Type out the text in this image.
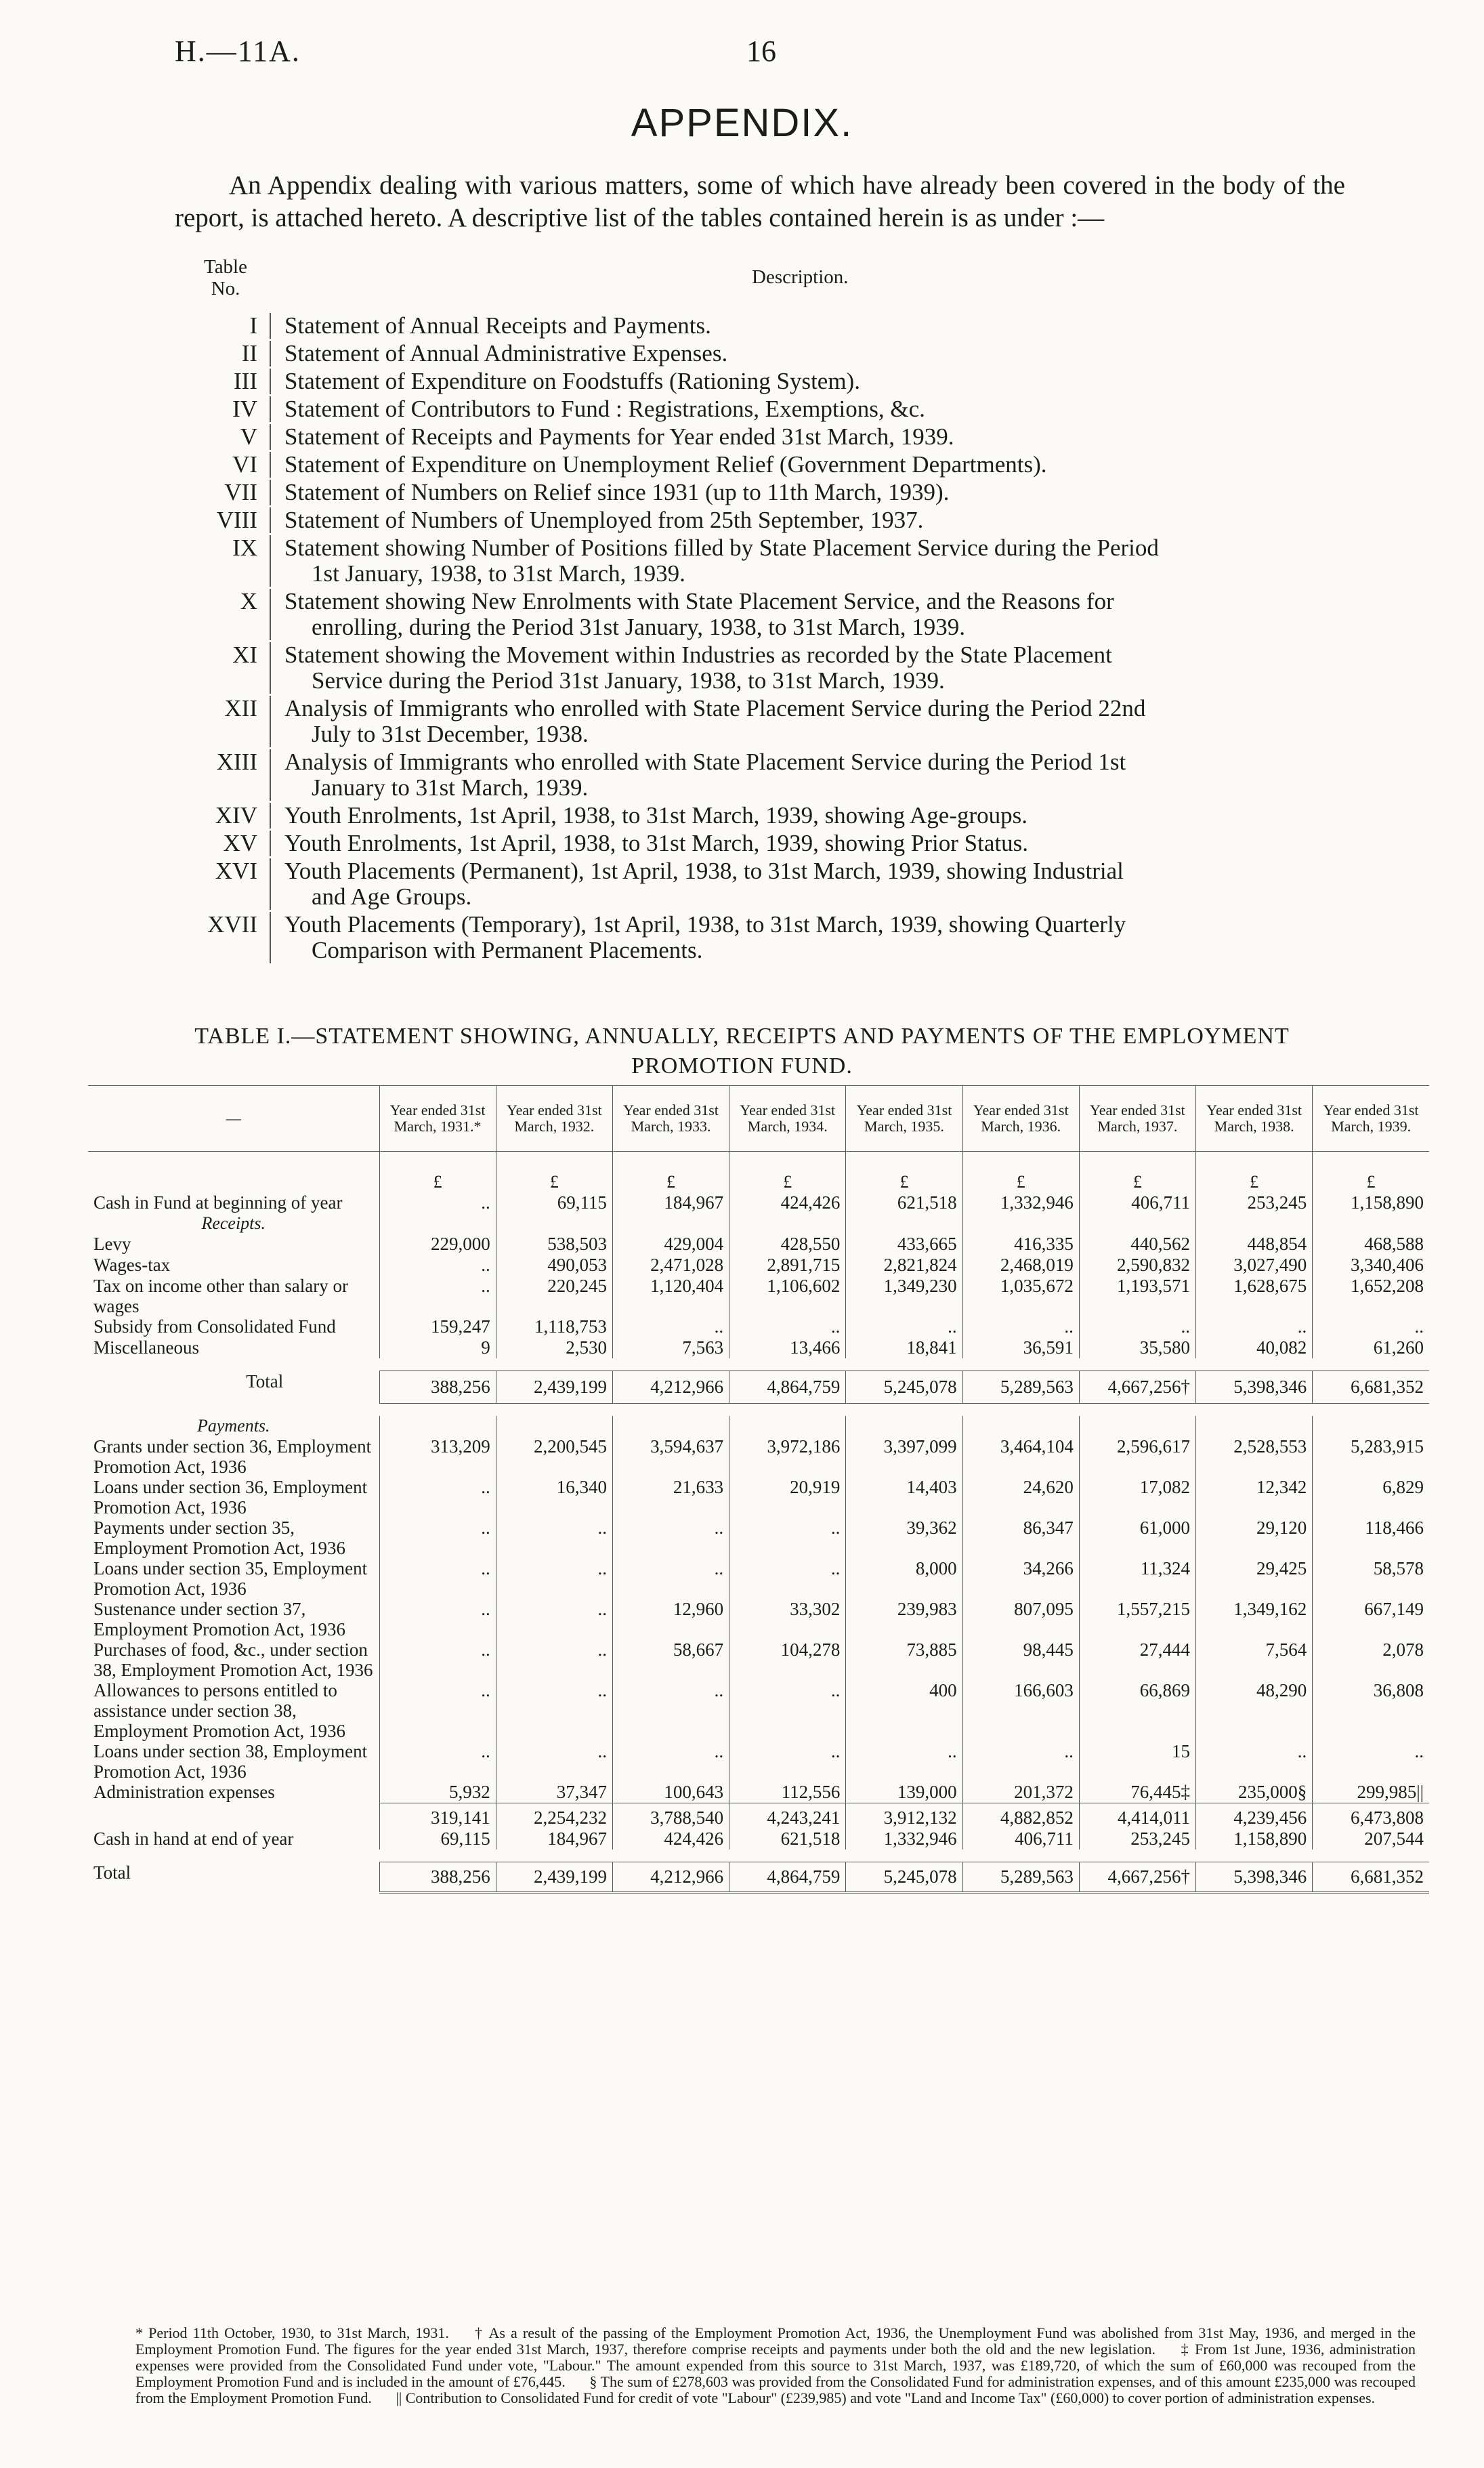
H.—11A.	16
APPENDIX.
An Appendix dealing with various matters, some of which have already been covered in the body of the report, is attached hereto. A descriptive list of the tables contained herein is as under :—
Table No.
Description.
I	Statement of Annual Receipts and Payments.
II	Statement of Annual Administrative Expenses.
III	Statement of Expenditure on Foodstuffs (Rationing System).
IV	Statement of Contributors to Fund : Registrations, Exemptions, &c.
V	Statement of Receipts and Payments for Year ended 31st March, 1939.
VI	Statement of Expenditure on Unemployment Relief (Government Departments).
VII	Statement of Numbers on Relief since 1931 (up to 11th March, 1939).
VIII	Statement of Numbers of Unemployed from 25th September, 1937.
IX	Statement showing Number of Positions filled by State Placement Service during the Period
1st January, 1938, to 31st March, 1939.
X	Statement showing New Enrolments with State Placement Service, and the Reasons for
enrolling, during the Period 31st January, 1938, to 31st March, 1939.
XI	Statement showing the Movement within Industries as recorded by the State Placement
Service during the Period 31st January, 1938, to 31st March, 1939.
XII	Analysis of Immigrants who enrolled with State Placement Service during the Period 22nd
July to 31st December, 1938.
XIII	Analysis of Immigrants who enrolled with State Placement Service during the Period 1st
January to 31st March, 1939.
XIV	Youth Enrolments, 1st April, 1938, to 31st March, 1939, showing Age-groups.
XV	Youth Enrolments, 1st April, 1938, to 31st March, 1939, showing Prior Status.
XVI	Youth Placements (Permanent), 1st April, 1938, to 31st March, 1939, showing Industrial
and Age Groups.
XVII	Youth Placements (Temporary), 1st April, 1938, to 31st March, 1939, showing Quarterly
Comparison with Permanent Placements.
TABLE I.—STATEMENT SHOWING, ANNUALLY, RECEIPTS AND PAYMENTS OF THE EMPLOYMENT
PROMOTION FUND.
—	Year ended 31st March, 1931.*	Year ended 31st March, 1932.	Year ended 31st March, 1933.	Year ended 31st March, 1934.	Year ended 31st March, 1935.	Year ended 31st March, 1936.	Year ended 31st March, 1937.	Year ended 31st March, 1938.	Year ended 31st March, 1939.
	£	£	£	£	£	£	£	£	£
Cash in Fund at beginning of year	..	69,115	184,967	424,426	621,518	1,332,946	406,711	253,245	1,158,890
Receipts.									
Levy	229,000	538,503	429,004	428,550	433,665	416,335	440,562	448,854	468,588
Wages-tax	..	490,053	2,471,028	2,891,715	2,821,824	2,468,019	2,590,832	3,027,490	3,340,406
Tax on income other than salary or wages	..	220,245	1,120,404	1,106,602	1,349,230	1,035,672	1,193,571	1,628,675	1,652,208
Subsidy from Consolidated Fund	159,247	1,118,753	..	..	..	..	..	..	..
Miscellaneous	9	2,530	7,563	13,466	18,841	36,591	35,580	40,082	61,260

Total	388,256	2,439,199	4,212,966	4,864,759	5,245,078	5,289,563	4,667,256†	5,398,346	6,681,352

Payments.									
Grants under section 36, Employment Promotion Act, 1936	313,209	2,200,545	3,594,637	3,972,186	3,397,099	3,464,104	2,596,617	2,528,553	5,283,915
Loans under section 36, Employment Promotion Act, 1936	..	16,340	21,633	20,919	14,403	24,620	17,082	12,342	6,829
Payments under section 35, Employment Promotion Act, 1936	..	..	..	..	39,362	86,347	61,000	29,120	118,466
Loans under section 35, Employment Promotion Act, 1936	..	..	..	..	8,000	34,266	11,324	29,425	58,578
Sustenance under section 37, Employment Promotion Act, 1936	..	..	12,960	33,302	239,983	807,095	1,557,215	1,349,162	667,149
Purchases of food, &c., under section 38, Employment Promotion Act, 1936	..	..	58,667	104,278	73,885	98,445	27,444	7,564	2,078
Allowances to persons entitled to assistance under section 38, Employment Promotion Act, 1936	..	..	..	..	400	166,603	66,869	48,290	36,808
Loans under section 38, Employment Promotion Act, 1936	..	..	..	..	..	..	15	..	..
Administration expenses	5,932	37,347	100,643	112,556	139,000	201,372	76,445‡	235,000§	299,985||
	319,141	2,254,232	3,788,540	4,243,241	3,912,132	4,882,852	4,414,011	4,239,456	6,473,808
Cash in hand at end of year	69,115	184,967	424,426	621,518	1,332,946	406,711	253,245	1,158,890	207,544

Total	388,256	2,439,199	4,212,966	4,864,759	5,245,078	5,289,563	4,667,256†	5,398,346	6,681,352
* Period 11th October, 1930, to 31st March, 1931. † As a result of the passing of the Employment Promotion Act, 1936, the Unemployment Fund was abolished from 31st May, 1936, and merged in the Employment Promotion Fund. The figures for the year ended 31st March, 1937, therefore comprise receipts and payments under both the old and the new legislation. ‡ From 1st June, 1936, administration expenses were provided from the Consolidated Fund under vote, "Labour." The amount expended from this source to 31st March, 1937, was £189,720, of which the sum of £60,000 was recouped from the Employment Promotion Fund and is included in the amount of £76,445. § The sum of £278,603 was provided from the Consolidated Fund for administration expenses, and of this amount £235,000 was recouped from the Employment Promotion Fund. || Contribution to Consolidated Fund for credit of vote "Labour" (£239,985) and vote "Land and Income Tax" (£60,000) to cover portion of administration expenses.
